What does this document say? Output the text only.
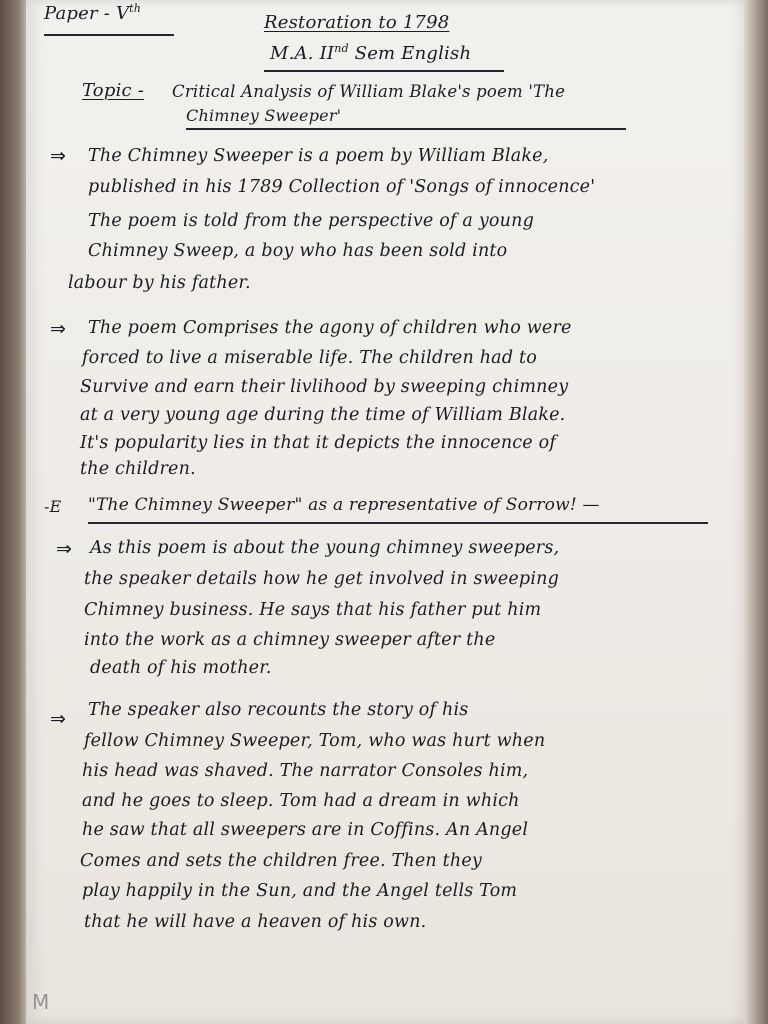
Paper - Vth
Restoration to 1798
M.A. IInd Sem English
Topic - Critical Analysis of William Blake's poem 'The
Chimney Sweeper'
⇒ The Chimney Sweeper is a poem by William Blake,
published in his 1789 Collection of 'Songs of innocence'
The poem is told from the perspective of a young
Chimney Sweep, a boy who has been sold into
labour by his father.
⇒ The poem Comprises the agony of children who were
forced to live a miserable life. The children had to
Survive and earn their livlihood by sweeping chimney
at a very young age during the time of William Blake.
It's popularity lies in that it depicts the innocence of
the children.
-E "The Chimney Sweeper" as a representative of Sorrow! —
⇒ As this poem is about the young chimney sweepers,
the speaker details how he get involved in sweeping
Chimney business. He says that his father put him
into the work as a chimney sweeper after the
death of his mother.
⇒ The speaker also recounts the story of his
fellow Chimney Sweeper, Tom, who was hurt when
his head was shaved. The narrator Consoles him,
and he goes to sleep. Tom had a dream in which
he saw that all sweepers are in Coffins. An Angel
Comes and sets the children free. Then they
play happily in the Sun, and the Angel tells Tom
that he will have a heaven of his own.
M
